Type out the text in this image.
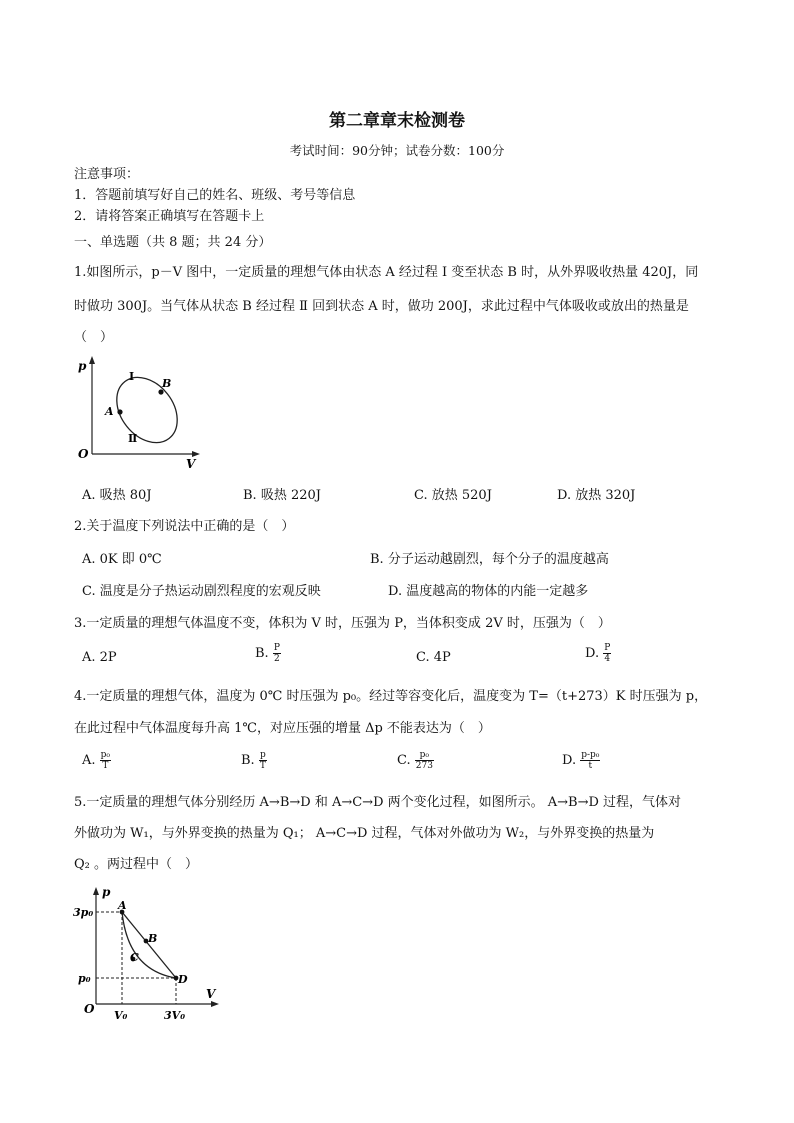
第二章章末检测卷
考试时间：90分钟；试卷分数：100分
注意事项：
1．答题前填写好自己的姓名、班级、考号等信息
2．请将答案正确填写在答题卡上
一、单选题（共 8 题；共 24 分）
1.如图所示，p－V 图中，一定质量的理想气体由状态 A 经过程 I 变至状态 B 时，从外界吸收热量 420J，同
时做功 300J。当气体从状态 B 经过程 Ⅱ 回到状态 A 时，做功 200J，求此过程中气体吸收或放出的热量是
（　）
p
V
O
A
B
I
Ⅱ
A. 吸热 80J	B. 吸热 220J	C. 放热 520J	D. 放热 320J
2.关于温度下列说法中正确的是（　）
A. 0K 即 0℃	B. 分子运动越剧烈，每个分子的温度越高
C. 温度是分子热运动剧烈程度的宏观反映	D. 温度越高的物体的内能一定越多
3.一定质量的理想气体温度不变，体积为 V 时，压强为 P，当体积变成 2V 时，压强为（　）
A. 2P	B. $\frac{P}{2}$	C. 4P	D. $\frac{P}{4}$
4.一定质量的理想气体，温度为 0℃ 时压强为 p₀。经过等容变化后，温度变为 T=（t+273）K 时压强为 p，
在此过程中气体温度每升高 1℃，对应压强的增量 Δp 不能表达为（　）
A. $\frac{\text{p₀}}{T}$	B. $\frac{p}{T}$	C. $\frac{\text{p₀}}{273}$	D. $\frac{\text{p-p₀}}{t}$
5.一定质量的理想气体分别经历 A→B→D 和 A→C→D 两个变化过程，如图所示。 A→B→D 过程，气体对
外做功为 W₁，与外界变换的热量为 Q₁； A→C→D 过程，气体对外做功为 W₂，与外界变换的热量为
Q₂ 。两过程中（　）
p
V
O
A
B
C
D
3p₀
p₀
V₀	3V₀
